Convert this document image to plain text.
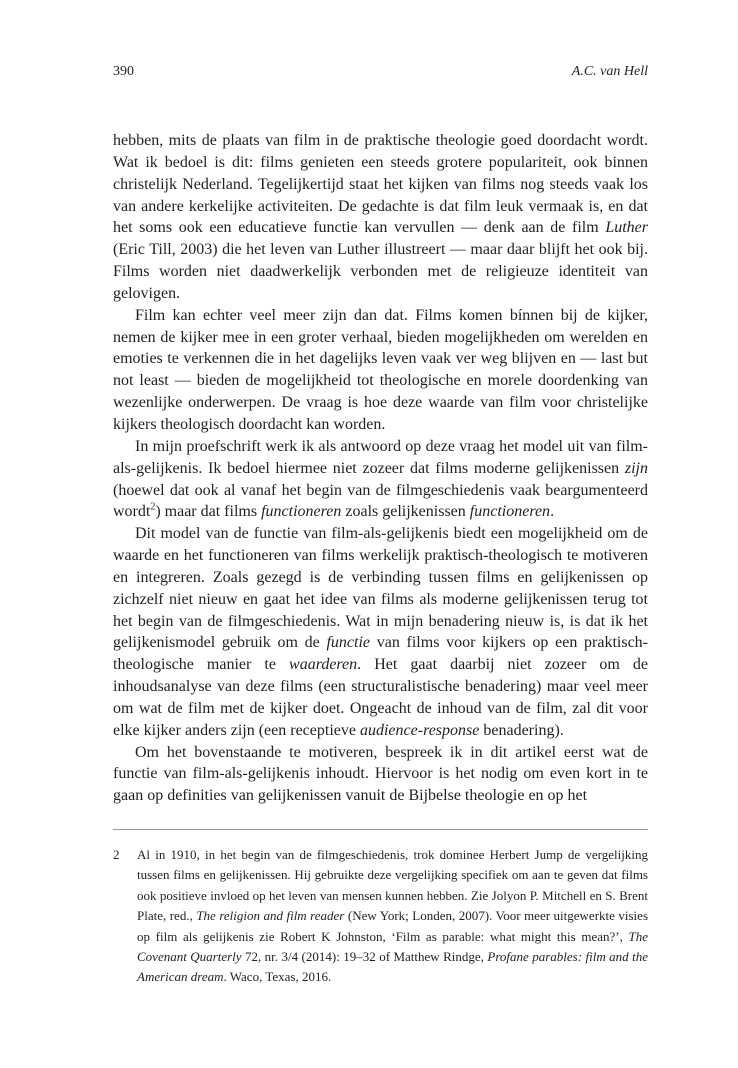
390	A.C. van Hell

hebben, mits de plaats van film in de praktische theologie goed doordacht wordt. Wat ik bedoel is dit: films genieten een steeds grotere populariteit, ook binnen christelijk Nederland. Tegelijkertijd staat het kijken van films nog steeds vaak los van andere kerkelijke activiteiten. De gedachte is dat film leuk vermaak is, en dat het soms ook een educatieve functie kan vervullen — denk aan de film Luther (Eric Till, 2003) die het leven van Luther illustreert — maar daar blijft het ook bij. Films worden niet daadwerkelijk verbonden met de religieuze identiteit van gelovigen.

Film kan echter veel meer zijn dan dat. Films komen bínnen bij de kijker, nemen de kijker mee in een groter verhaal, bieden mogelijkheden om werelden en emoties te verkennen die in het dagelijks leven vaak ver weg blijven en — last but not least — bieden de mogelijkheid tot theologische en morele doordenking van wezenlijke onderwerpen. De vraag is hoe deze waarde van film voor christelijke kijkers theologisch doordacht kan worden.

In mijn proefschrift werk ik als antwoord op deze vraag het model uit van film-als-gelijkenis. Ik bedoel hiermee niet zozeer dat films moderne gelijkenissen zijn (hoewel dat ook al vanaf het begin van de filmgeschiedenis vaak beargumenteerd wordt$^2$) maar dat films functioneren zoals gelijkenissen functioneren.

Dit model van de functie van film-als-gelijkenis biedt een mogelijkheid om de waarde en het functioneren van films werkelijk praktisch-theologisch te motiveren en integreren. Zoals gezegd is de verbinding tussen films en gelijkenissen op zichzelf niet nieuw en gaat het idee van films als moderne gelijkenissen terug tot het begin van de filmgeschiedenis. Wat in mijn benadering nieuw is, is dat ik het gelijkenismodel gebruik om de functie van films voor kijkers op een praktisch-theologische manier te waarderen. Het gaat daarbij niet zozeer om de inhoudsanalyse van deze films (een structuralistische benadering) maar veel meer om wat de film met de kijker doet. Ongeacht de inhoud van de film, zal dit voor elke kijker anders zijn (een receptieve audience-response benadering).

Om het bovenstaande te motiveren, bespreek ik in dit artikel eerst wat de functie van film-als-gelijkenis inhoudt. Hiervoor is het nodig om even kort in te gaan op definities van gelijkenissen vanuit de Bijbelse theologie en op het

2	Al in 1910, in het begin van de filmgeschiedenis, trok dominee Herbert Jump de vergelijking tussen films en gelijkenissen. Hij gebruikte deze vergelijking specifiek om aan te geven dat films ook positieve invloed op het leven van mensen kunnen hebben. Zie Jolyon P. Mitchell en S. Brent Plate, red., The religion and film reader (New York; Londen, 2007). Voor meer uitgewerkte visies op film als gelijkenis zie Robert K Johnston, ‘Film as parable: what might this mean?’, The Covenant Quarterly 72, nr. 3/4 (2014): 19–32 of Matthew Rindge, Profane parables: film and the American dream. Waco, Texas, 2016.
